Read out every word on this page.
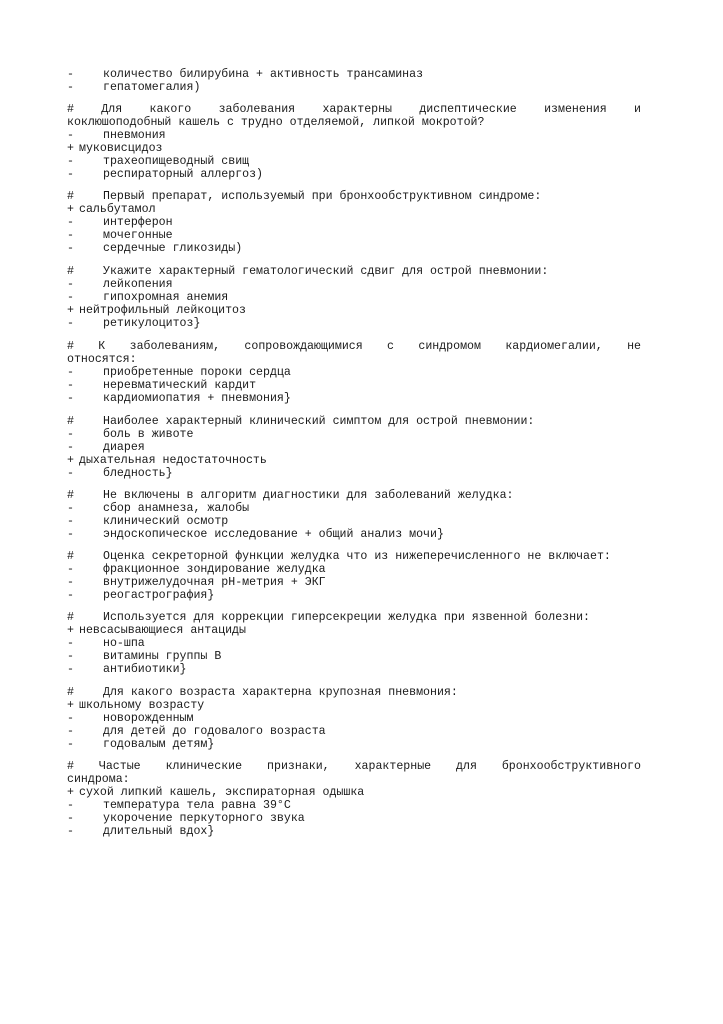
-	количество билирубина + активность трансаминаз
-	гепатомегалия)
# Для какого заболевания характерны диспептические изменения и
коклюшоподобный кашель с трудно отделяемой, липкой мокротой?
-	пневмония
+ муковисцидоз
-	трахеопищеводный свищ
-	респираторный аллергоз)
#	Первый препарат, используемый при бронхообструктивном синдроме:
+ сальбутамол
-	интерферон
-	мочегонные
-	сердечные гликозиды)
#	Укажите характерный гематологический сдвиг для острой пневмонии:
-	лейкопения
-	гипохромная анемия
+ нейтрофильный лейкоцитоз
-	ретикулоцитоз}
# К заболеваниям, сопровождающимися с синдромом кардиомегалии, не
относятся:
-	приобретенные пороки сердца
-	неревматический кардит
-	кардиомиопатия + пневмония}
#	Наиболее характерный клинический симптом для острой пневмонии:
-	боль в животе
-	диарея
+ дыхательная недостаточность
-	бледность}
#	Не включены в алгоритм диагностики для заболеваний желудка:
-	сбор анамнеза, жалобы
-	клинический осмотр
-	эндоскопическое исследование + общий анализ мочи}
#	Оценка секреторной функции желудка что из нижеперечисленного не включает:
-	фракционное зондирование желудка
-	внутрижелудочная рН-метрия + ЭКГ
-	реогастрография}
#	Используется для коррекции гиперсекреции желудка при язвенной болезни:
+ невсасывающиеся антациды
-	но-шпа
-	витамины группы В
-	антибиотики}
#	Для какого возраста характерна крупозная пневмония:
+ школьному возрасту
-	новорожденным
-	для детей до годовалого возраста
-	годовалым детям}
# Частые клинические признаки, характерные для бронхообструктивного
синдрома:
+ сухой липкий кашель, экспираторная одышка
-	температура тела равна 39°С
-	укорочение перкуторного звука
-	длительный вдох}
